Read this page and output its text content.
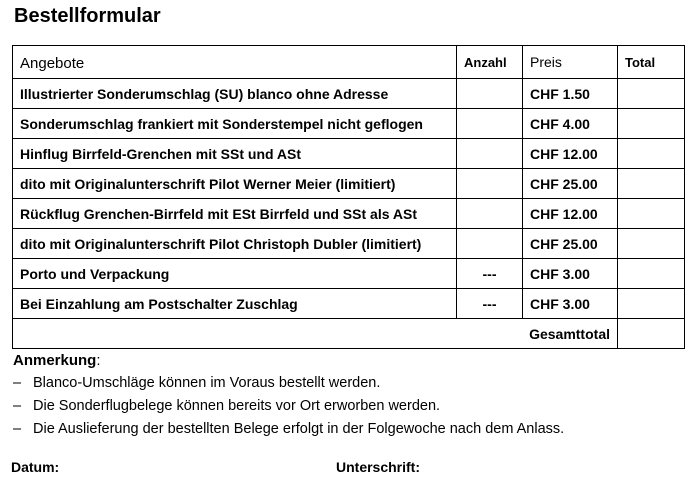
Bestellformular
Angebote	Anzahl	Preis	Total
Illustrierter Sonderumschlag (SU) blanco ohne Adresse		CHF 1.50	
Sonderumschlag frankiert mit Sonderstempel nicht geflogen		CHF 4.00	
Hinflug Birrfeld-Grenchen mit SSt und ASt		CHF 12.00	
dito mit Originalunterschrift Pilot Werner Meier (limitiert)		CHF 25.00	
Rückflug Grenchen-Birrfeld mit ESt Birrfeld und SSt als ASt		CHF 12.00	
dito mit Originalunterschrift Pilot Christoph Dubler (limitiert)		CHF 25.00	
Porto und Verpackung	---	CHF 3.00	
Bei Einzahlung am Postschalter Zuschlag	---	CHF 3.00	
Gesamttotal			
Anmerkung:
– Blanco-Umschläge können im Voraus bestellt werden.
– Die Sonderflugbelege können bereits vor Ort erworben werden.
– Die Auslieferung der bestellten Belege erfolgt in der Folgewoche nach dem Anlass.
Datum:	Unterschrift:
